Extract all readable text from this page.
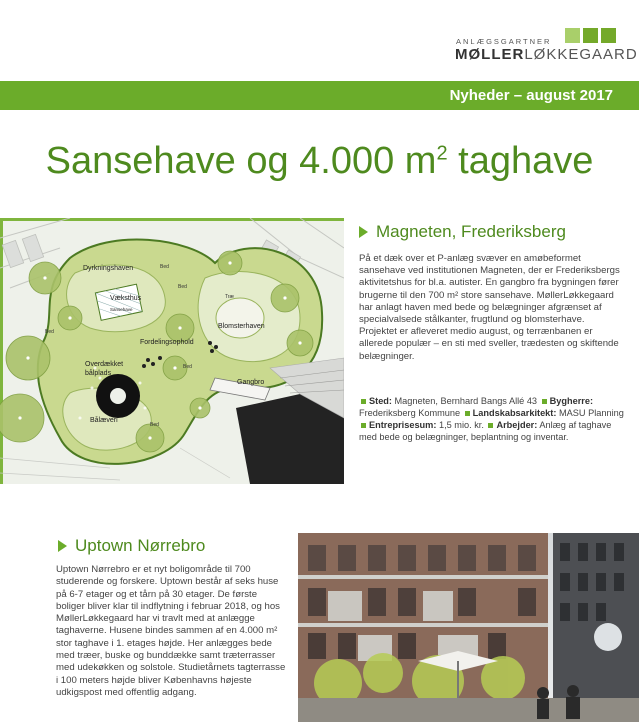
ANLÆGSGARTNER
MØLLERLØKKEGAARD
Nyheder – august 2017
Sansehave og 4.000 $m^2$ taghave
Dyrkningshaven
Væksthus
Sansehave
Fordelingsophold
Blomsterhaven
Overdækket
bålplads
Bålæveri
Gangbro
Bed
Bed
Bed
Bed
Bed
Træ
Magneten, Frederiksberg
På et dæk over et P-anlæg svæver en amøbeformet sansehave ved institutionen Magneten, der er Frederiksbergs aktivitetshus for bl.a. autister. En gangbro fra bygningen fører brugerne til den 700 m² store sansehave. MøllerLøkkegaard har anlagt haven med bede og belægninger afgrænset af specialvalsede stålkanter, frugtlund og blomsterhave. Projektet er afleveret medio august, og terrænbanen er allerede populær – en sti med sveller, trædesten og skiftende belægninger.
Sted: Magneten, Bernhard Bangs Allé 43 Bygherre: Frederiksberg Kommune Landskabsarkitekt: MASU Planning Entreprisesum: 1,5 mio. kr. Arbejder: Anlæg af taghave med bede og belægninger, beplantning og inventar.
Uptown Nørrebro
Uptown Nørrebro er et nyt boligområde til 700 studerende og forskere. Uptown består af seks huse på 6-7 etager og et tårn på 30 etager. De første boliger bliver klar til indflytning i februar 2018, og hos MøllerLøkkegaard har vi travlt med at anlægge taghaverne. Husene bindes sammen af en 4.000 m² stor taghave i 1. etages højde. Her anlægges bede med træer, buske og bunddække samt træterrasser med udekøkken og solstole. Studietårnets tagterrasse i 100 meters højde bliver Københavns højeste udkigspost med offentlig adgang.
